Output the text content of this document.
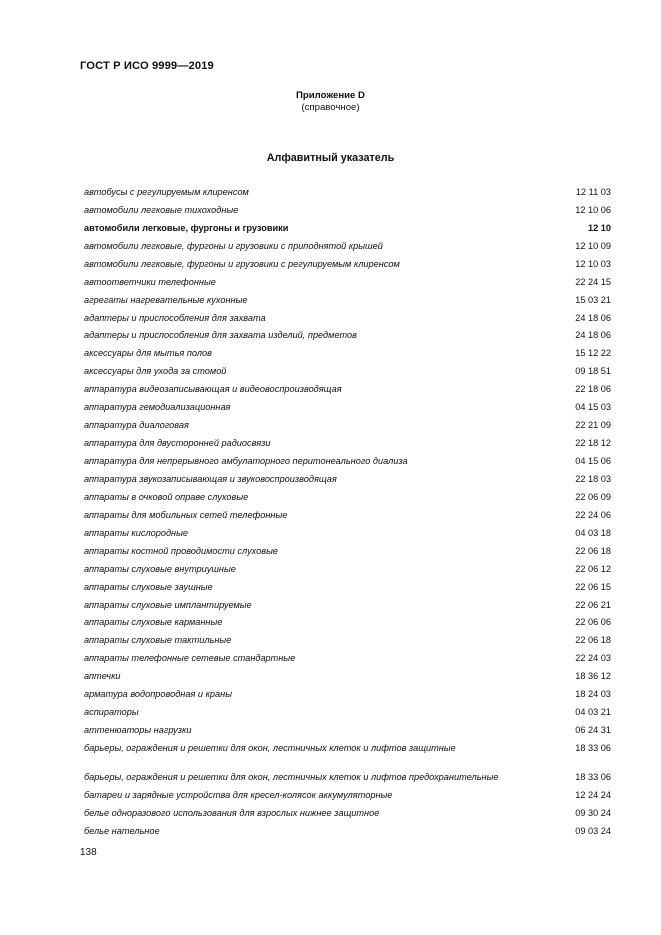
ГОСТ Р ИСО 9999—2019
Приложение D
(справочное)
Алфавитный указатель
автобусы с регулируемым клиренсом	12 11 03
автомобили легковые тихоходные	12 10 06
автомобили легковые, фургоны и грузовики	12 10
автомобили легковые, фургоны и грузовики с приподнятой крышей	12 10 09
автомобили легковые, фургоны и грузовики с регулируемым клиренсом	12 10 03
автоответчики телефонные	22 24 15
агрегаты нагревательные кухонные	15 03 21
адаптеры и приспособления для захвата	24 18 06
адаптеры и приспособления для захвата изделий, предметов	24 18 06
аксессуары для мытья полов	15 12 22
аксессуары для ухода за стомой	09 18 51
аппаратура видеозаписывающая и видеовоспроизводящая	22 18 06
аппаратура гемодиализационная	04 15 03
аппаратура диалоговая	22 21 09
аппаратура для двусторонней радиосвязи	22 18 12
аппаратура для непрерывного амбулаторного перитонеального диализа	04 15 06
аппаратура звукозаписывающая и звуковоспроизводящая	22 18 03
аппараты в очковой оправе слуховые	22 06 09
аппараты для мобильных сетей телефонные	22 24 06
аппараты кислородные	04 03 18
аппараты костной проводимости слуховые	22 06 18
аппараты слуховые внутриушные	22 06 12
аппараты слуховые заушные	22 06 15
аппараты слуховые имплантируемые	22 06 21
аппараты слуховые карманные	22 06 06
аппараты слуховые тактильные	22 06 18
аппараты телефонные сетевые стандартные	22 24 03
аптечки	18 36 12
арматура водопроводная и краны	18 24 03
аспираторы	04 03 21
аттенюаторы нагрузки	06 24 31
барьеры, ограждения и решетки для окон, лестничных клеток и лифтов защитные	18 33 06
барьеры, ограждения и решетки для окон, лестничных клеток и лифтов предохранительные	18 33 06
батареи и зарядные устройства для кресел-колясок аккумуляторные	12 24 24
белье одноразового использования для взрослых нижнее защитное	09 30 24
белье нательное	09 03 24
138
